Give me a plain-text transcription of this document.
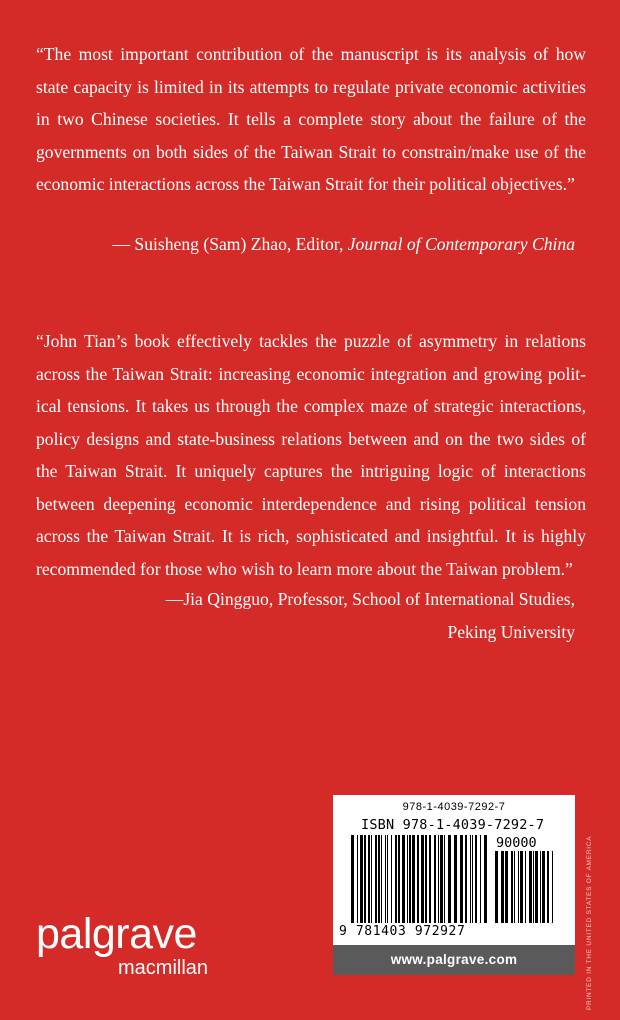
“The most important contribution of the manuscript is its analysis of how state capacity is limited in its attempts to regulate private economic activities in two Chinese societies. It tells a complete story about the failure of the governments on both sides of the Taiwan Strait to constrain/make use of the economic interactions across the Taiwan Strait for their political objectives.”

— Suisheng (Sam) Zhao, Editor, Journal of Contemporary China

“John Tian’s book effectively tackles the puzzle of asymmetry in relations across the Taiwan Strait: increasing economic integration and growing political tensions. It takes us through the complex maze of strategic interactions, policy designs and state-business relations between and on the two sides of the Taiwan Strait. It uniquely captures the intriguing logic of interactions between deepening economic interdependence and rising political tension across the Taiwan Strait. It is rich, sophisticated and insightful. It is highly recommended for those who wish to learn more about the Taiwan problem.”

—Jia Qingguo, Professor, School of International Studies,
Peking University
PRINTED IN THE UNITED STATES OF AMERICA
978-1-4039-7292-7
ISBN 978-1-4039-7292-7
90000
9 781403 972927
www.palgrave.com
palgrave
macmillan
